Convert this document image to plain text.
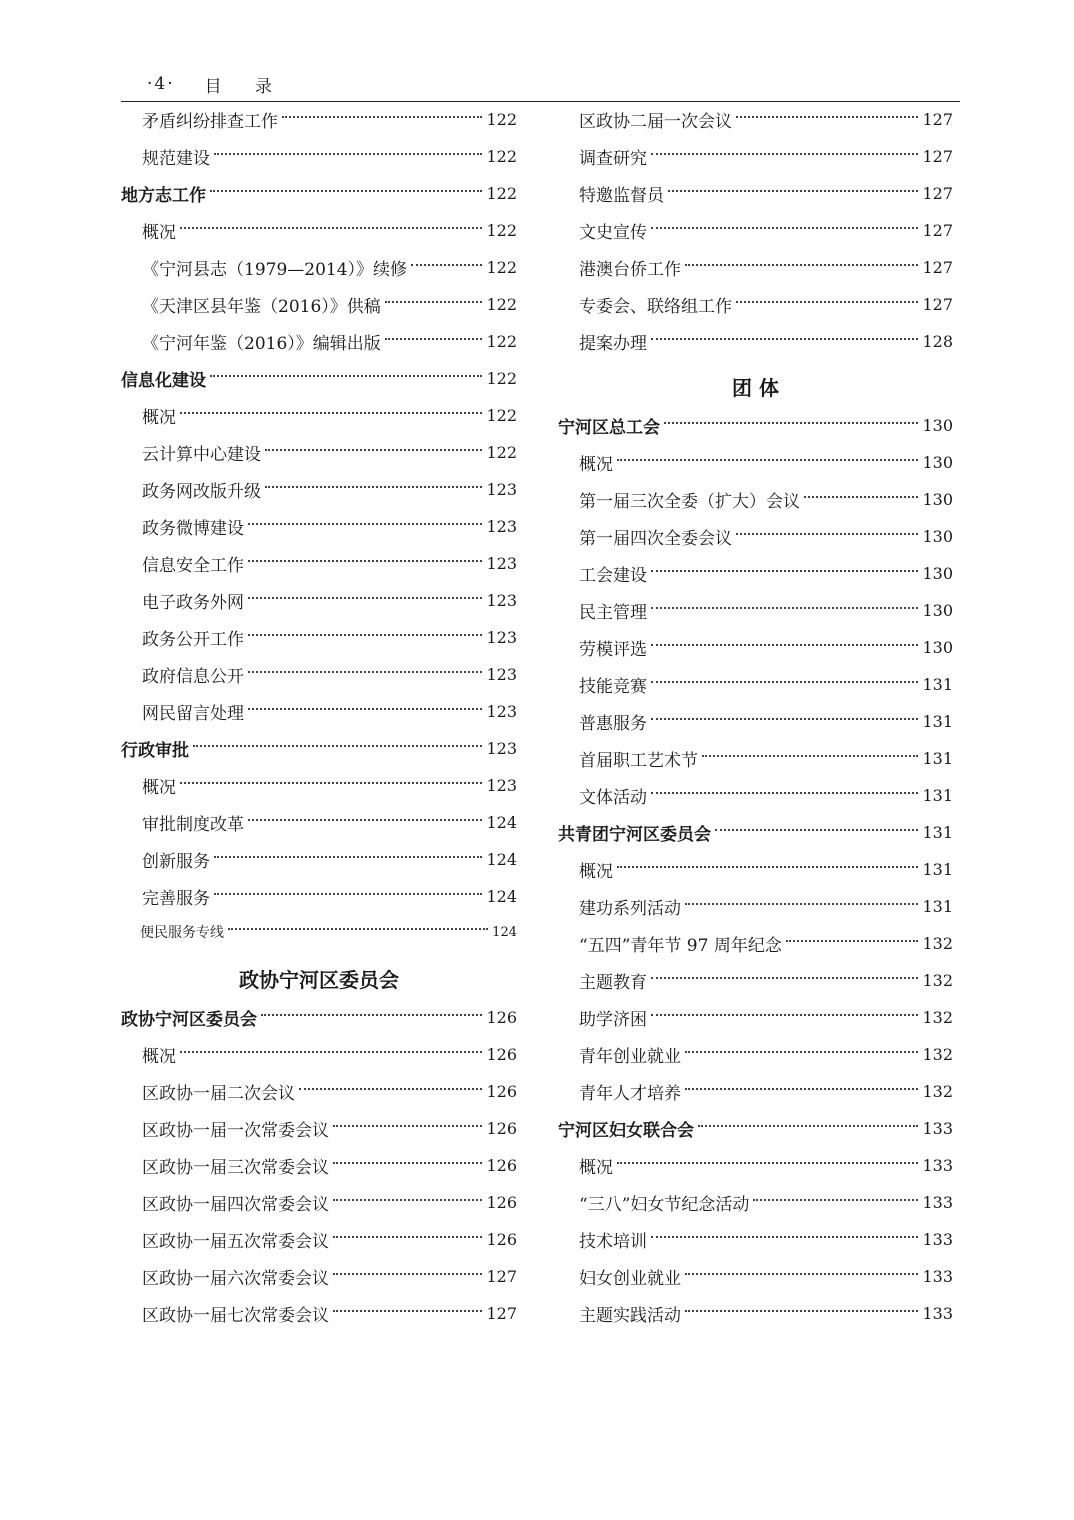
·4· 目 录
矛盾纠纷排查工作	122
规范建设	122
地方志工作	122
概况	122
《宁河县志（1979—2014）》续修	122
《天津区县年鉴（2016）》供稿	122
《宁河年鉴（2016）》编辑出版	122
信息化建设	122
概况	122
云计算中心建设	122
政务网改版升级	123
政务微博建设	123
信息安全工作	123
电子政务外网	123
政务公开工作	123
政府信息公开	123
网民留言处理	123
行政审批	123
概况	123
审批制度改革	124
创新服务	124
完善服务	124
便民服务专线	124
政协宁河区委员会
政协宁河区委员会	126
概况	126
区政协一届二次会议	126
区政协一届一次常委会议	126
区政协一届三次常委会议	126
区政协一届四次常委会议	126
区政协一届五次常委会议	126
区政协一届六次常委会议	127
区政协一届七次常委会议	127
区政协二届一次会议	127
调查研究	127
特邀监督员	127
文史宣传	127
港澳台侨工作	127
专委会、联络组工作	127
提案办理	128
团 体
宁河区总工会	130
概况	130
第一届三次全委（扩大）会议	130
第一届四次全委会议	130
工会建设	130
民主管理	130
劳模评选	130
技能竞赛	131
普惠服务	131
首届职工艺术节	131
文体活动	131
共青团宁河区委员会	131
概况	131
建功系列活动	131
“五四”青年节 97 周年纪念	132
主题教育	132
助学济困	132
青年创业就业	132
青年人才培养	132
宁河区妇女联合会	133
概况	133
“三八”妇女节纪念活动	133
技术培训	133
妇女创业就业	133
主题实践活动	133
